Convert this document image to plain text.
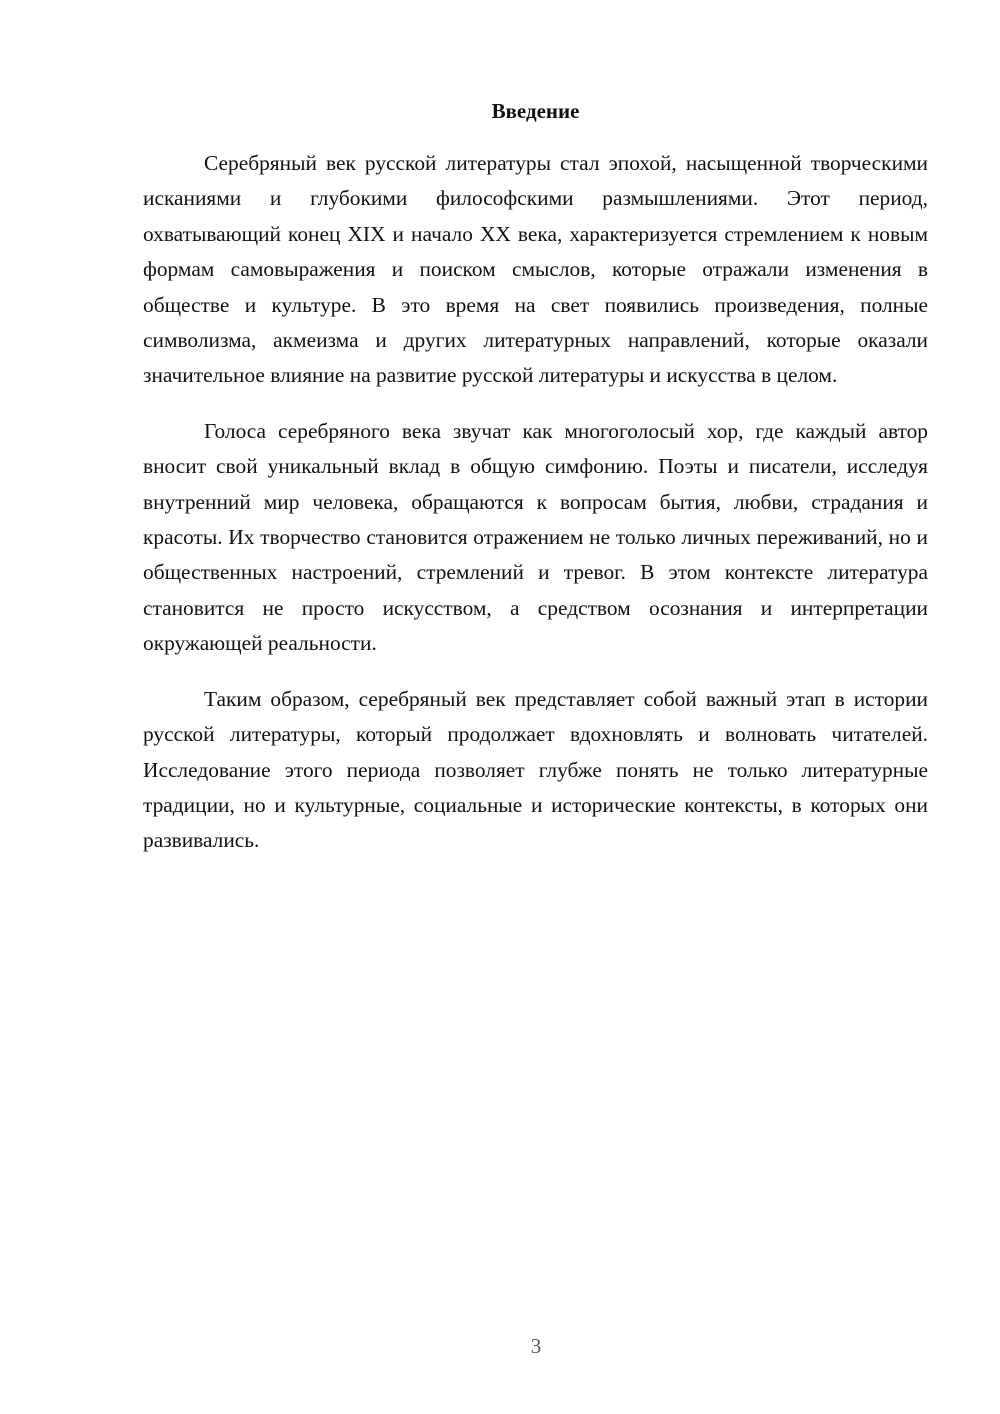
Введение

Серебряный век русской литературы стал эпохой, насыщенной творческими исканиями и глубокими философскими размышлениями. Этот период, охватывающий конец XIX и начало XX века, характеризуется стремлением к новым формам самовыражения и поиском смыслов, которые отражали изменения в обществе и культуре. В это время на свет появились произведения, полные символизма, акмеизма и других литературных направлений, которые оказали значительное влияние на развитие русской литературы и искусства в целом.

Голоса серебряного века звучат как многоголосый хор, где каждый автор вносит свой уникальный вклад в общую симфонию. Поэты и писатели, исследуя внутренний мир человека, обращаются к вопросам бытия, любви, страдания и красоты. Их творчество становится отражением не только личных переживаний, но и общественных настроений, стремлений и тревог. В этом контексте литература становится не просто искусством, а средством осознания и интерпретации окружающей реальности.

Таким образом, серебряный век представляет собой важный этап в истории русской литературы, который продолжает вдохновлять и волновать читателей. Исследование этого периода позволяет глубже понять не только литературные традиции, но и культурные, социальные и исторические контексты, в которых они развивались.

3
